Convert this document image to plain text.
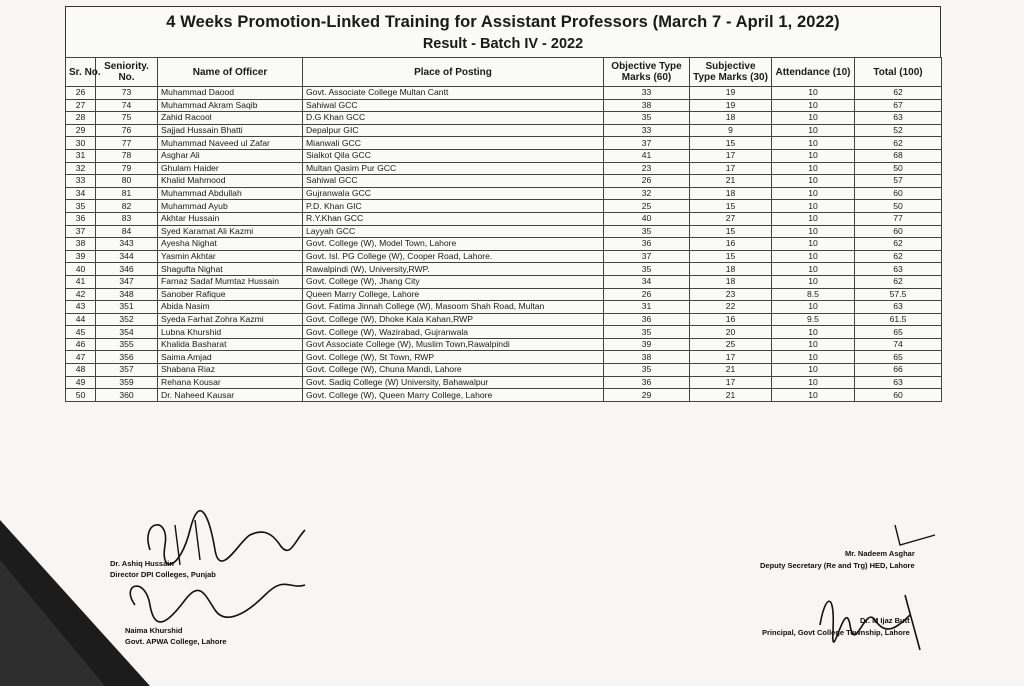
4 Weeks Promotion-Linked Training for Assistant Professors (March 7 - April 1, 2022)
Result - Batch IV - 2022
Sr. No.	Seniority. No.	Name of Officer	Place of Posting	Objective Type Marks (60)	Subjective Type Marks (30)	Attendance (10)	Total (100)
26	73	Muhammad Daood	Govt. Associate College Multan Cantt	33	19	10	62
27	74	Muhammad Akram Saqib	Sahiwal GCC	38	19	10	67
28	75	Zahid Racool	D.G Khan GCC	35	18	10	63
29	76	Sajjad Hussain Bhatti	Depalpur GIC	33	9	10	52
30	77	Muhammad Naveed ul Zafar	Mianwali GCC	37	15	10	62
31	78	Asghar Ali	Sialkot Qila GCC	41	17	10	68
32	79	Ghulam Haider	Multan Qasim Pur GCC	23	17	10	50
33	80	Khalid Mahmood	Sahiwal GCC	26	21	10	57
34	81	Muhammad Abdullah	Gujranwala GCC	32	18	10	60
35	82	Muhammad Ayub	P.D. Khan GIC	25	15	10	50
36	83	Akhtar Hussain	R.Y.Khan GCC	40	27	10	77
37	84	Syed Karamat Ali Kazmi	Layyah GCC	35	15	10	60
38	343	Ayesha Nighat	Govt. College (W), Model Town, Lahore	36	16	10	62
39	344	Yasmin Akhtar	Govt. Isl. PG College (W), Cooper Road, Lahore.	37	15	10	62
40	346	Shagufta Nighat	Rawalpindi (W), University,RWP.	35	18	10	63
41	347	Farnaz Sadaf Mumtaz Hussain	Govt. College (W), Jhang City	34	18	10	62
42	348	Sanober Rafique	Queen Marry College, Lahore	26	23	8.5	57.5
43	351	Abida Nasim	Govt. Fatima Jinnah College (W), Masoom Shah Road, Multan	31	22	10	63
44	352	Syeda Farhat Zohra Kazmi	Govt. College (W), Dhoke Kala Kahan,RWP	36	16	9.5	61.5
45	354	Lubna Khurshid	Govt. College (W), Wazirabad, Gujranwala	35	20	10	65
46	355	Khalida Basharat	Govt Associate College (W), Muslim Town,Rawalpindi	39	25	10	74
47	356	Saima Amjad	Govt. College (W), St Town, RWP	38	17	10	65
48	357	Shabana Riaz	Govt. College (W), Chuna Mandi, Lahore	35	21	10	66
49	359	Rehana Kousar	Govt. Sadiq College (W) University, Bahawalpur	36	17	10	63
50	360	Dr. Naheed Kausar	Govt. College (W), Queen Marry College, Lahore	29	21	10	60
Dr. Ashiq Hussain
Director DPI Colleges, Punjab
Naima Khurshid
Govt. APWA College, Lahore
Mr. Nadeem Asghar
Deputy Secretary (Re and Trg) HED, Lahore
Dr. M Ijaz Butt
Principal, Govt College Township, Lahore
